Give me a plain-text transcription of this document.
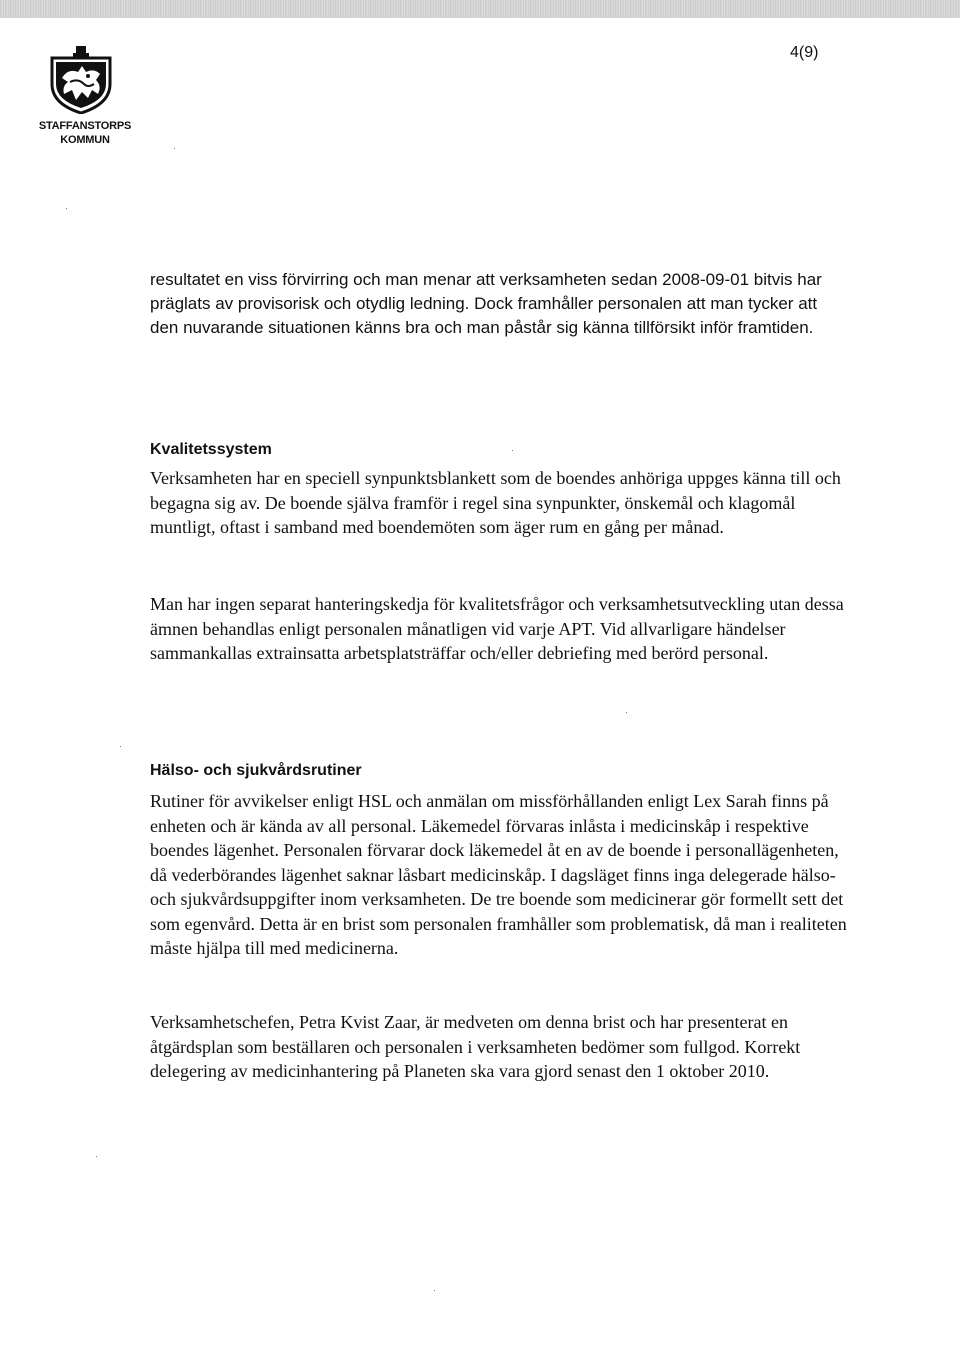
STAFFANSTORPS
KOMMUN
4(9)

resultatet en viss förvirring och man menar att verksamheten sedan 2008-09-01 bitvis har präglats av provisorisk och otydlig ledning. Dock framhåller personalen att man tycker att den nuvarande situationen känns bra och man påstår sig känna tillförsikt inför framtiden.

Kvalitetssystem

Verksamheten har en speciell synpunktsblankett som de boendes anhöriga uppges känna till och begagna sig av. De boende själva framför i regel sina synpunkter, önskemål och klagomål muntligt, oftast i samband med boendemöten som äger rum en gång per månad.

Man har ingen separat hanteringskedja för kvalitetsfrågor och verksamhetsutveckling utan dessa ämnen behandlas enligt personalen månatligen vid varje APT. Vid allvarligare händelser sammankallas extrainsatta arbetsplatsträffar och/eller debriefing med berörd personal.

Hälso- och sjukvårdsrutiner

Rutiner för avvikelser enligt HSL och anmälan om missförhållanden enligt Lex Sarah finns på enheten och är kända av all personal. Läkemedel förvaras inlåsta i medicinskåp i respektive boendes lägenhet. Personalen förvarar dock läkemedel åt en av de boende i personallägenheten, då vederbörandes lägenhet saknar låsbart medicinskåp. I dagsläget finns inga delegerade hälso- och sjukvårdsuppgifter inom verksamheten. De tre boende som medicinerar gör formellt sett det som egenvård. Detta är en brist som personalen framhåller som problematisk, då man i realiteten måste hjälpa till med medicinerna.

Verksamhetschefen, Petra Kvist Zaar, är medveten om denna brist och har presenterat en åtgärdsplan som beställaren och personalen i verksamheten bedömer som fullgod. Korrekt delegering av medicinhantering på Planeten ska vara gjord senast den 1 oktober 2010.
